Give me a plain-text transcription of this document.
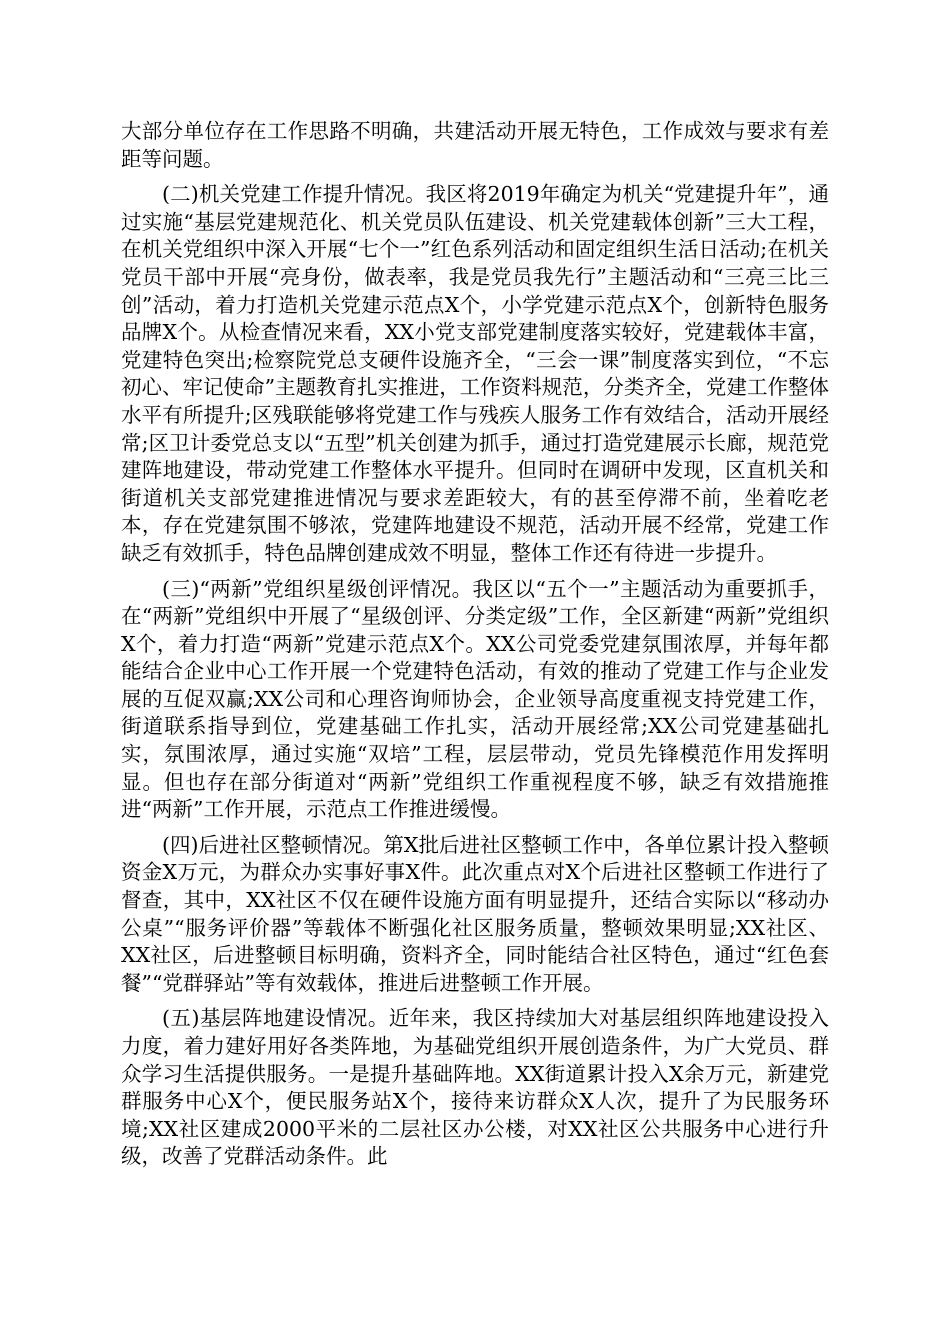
大部分单位存在工作思路不明确，共建活动开展无特色，工作成效与要求有差距等问题。

(二)机关党建工作提升情况。我区将2019年确定为机关“党建提升年”，通过实施“基层党建规范化、机关党员队伍建设、机关党建载体创新”三大工程，在机关党组织中深入开展“七个一”红色系列活动和固定组织生活日活动;在机关党员干部中开展“亮身份，做表率，我是党员我先行”主题活动和“三亮三比三创”活动，着力打造机关党建示范点X个，小学党建示范点X个，创新特色服务品牌X个。从检查情况来看，XX小党支部党建制度落实较好，党建载体丰富，党建特色突出;检察院党总支硬件设施齐全，“三会一课”制度落实到位，“不忘初心、牢记使命”主题教育扎实推进，工作资料规范，分类齐全，党建工作整体水平有所提升;区残联能够将党建工作与残疾人服务工作有效结合，活动开展经常;区卫计委党总支以“五型”机关创建为抓手，通过打造党建展示长廊，规范党建阵地建设，带动党建工作整体水平提升。但同时在调研中发现，区直机关和街道机关支部党建推进情况与要求差距较大，有的甚至停滞不前，坐着吃老本，存在党建氛围不够浓，党建阵地建设不规范，活动开展不经常，党建工作缺乏有效抓手，特色品牌创建成效不明显，整体工作还有待进一步提升。

(三)“两新”党组织星级创评情况。我区以“五个一”主题活动为重要抓手，在“两新”党组织中开展了“星级创评、分类定级”工作，全区新建“两新”党组织X个，着力打造“两新”党建示范点X个。XX公司党委党建氛围浓厚，并每年都能结合企业中心工作开展一个党建特色活动，有效的推动了党建工作与企业发展的互促双赢;XX公司和心理咨询师协会，企业领导高度重视支持党建工作，街道联系指导到位，党建基础工作扎实，活动开展经常;XX公司党建基础扎实，氛围浓厚，通过实施“双培”工程，层层带动，党员先锋模范作用发挥明显。但也存在部分街道对“两新”党组织工作重视程度不够，缺乏有效措施推进“两新”工作开展，示范点工作推进缓慢。

(四)后进社区整顿情况。第X批后进社区整顿工作中，各单位累计投入整顿资金X万元，为群众办实事好事X件。此次重点对X个后进社区整顿工作进行了督查，其中，XX社区不仅在硬件设施方面有明显提升，还结合实际以“移动办公桌”“服务评价器”等载体不断强化社区服务质量，整顿效果明显;XX社区、XX社区，后进整顿目标明确，资料齐全，同时能结合社区特色，通过“红色套餐”“党群驿站”等有效载体，推进后进整顿工作开展。

(五)基层阵地建设情况。近年来，我区持续加大对基层组织阵地建设投入力度，着力建好用好各类阵地，为基础党组织开展创造条件，为广大党员、群众学习生活提供服务。一是提升基础阵地。XX街道累计投入X余万元，新建党群服务中心X个，便民服务站X个，接待来访群众X人次，提升了为民服务环境;XX社区建成2000平米的二层社区办公楼，对XX社区公共服务中心进行升级，改善了党群活动条件。此
